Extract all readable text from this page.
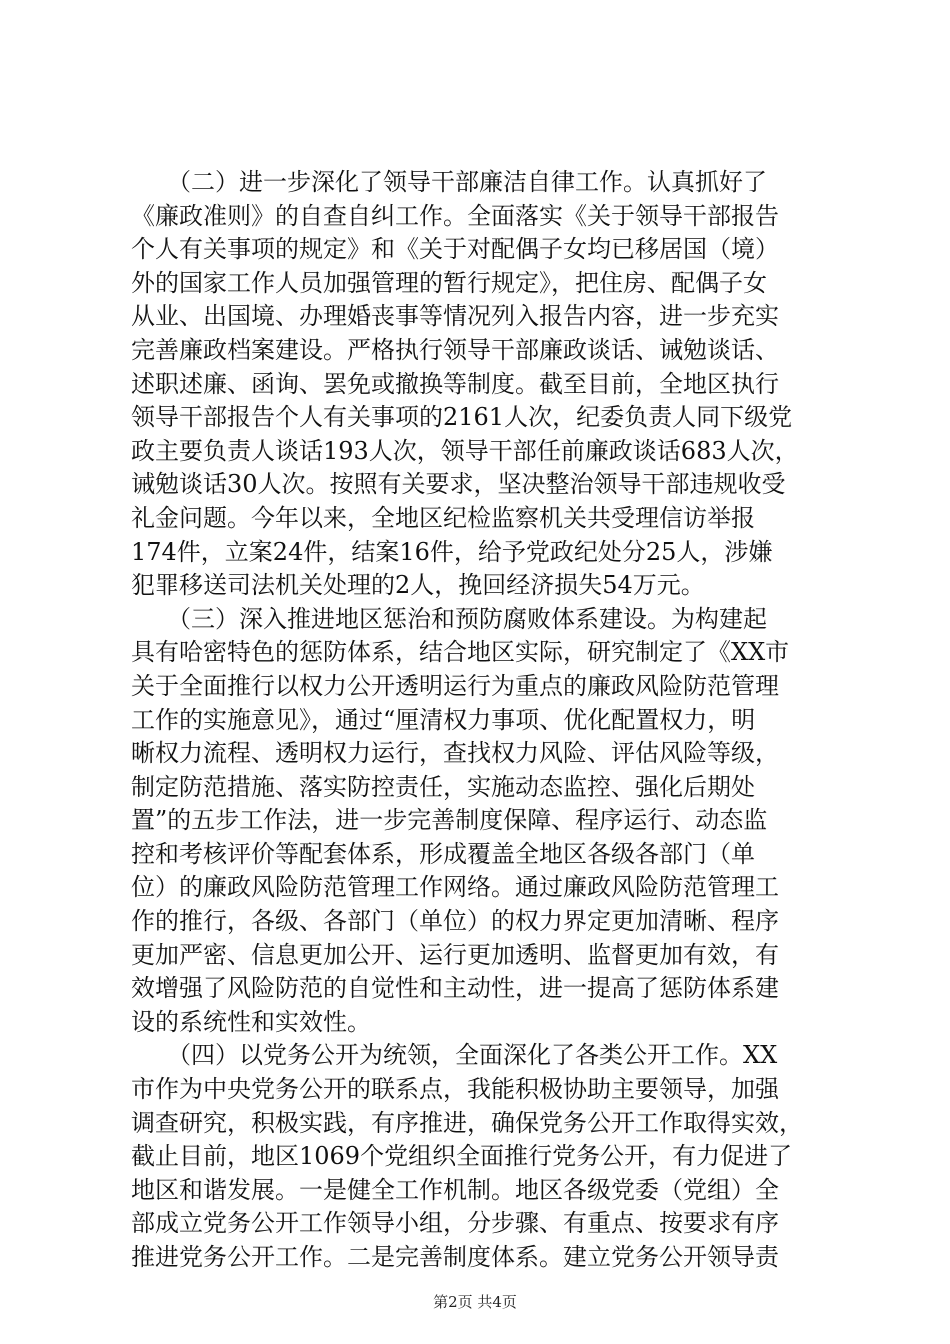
　　（二）进一步深化了领导干部廉洁自律工作。认真抓好了
《廉政准则》的自查自纠工作。全面落实《关于领导干部报告
个人有关事项的规定》和《关于对配偶子女均已移居国（境）
外的国家工作人员加强管理的暂行规定》，把住房、配偶子女
从业、出国境、办理婚丧事等情况列入报告内容，进一步充实
完善廉政档案建设。严格执行领导干部廉政谈话、诫勉谈话、
述职述廉、函询、罢免或撤换等制度。截至目前，全地区执行
领导干部报告个人有关事项的2161人次，纪委负责人同下级党
政主要负责人谈话193人次，领导干部任前廉政谈话683人次，
诫勉谈话30人次。按照有关要求，坚决整治领导干部违规收受
礼金问题。今年以来，全地区纪检监察机关共受理信访举报
174件，立案24件，结案16件，给予党政纪处分25人，涉嫌
犯罪移送司法机关处理的2人，挽回经济损失54万元。
　　（三）深入推进地区惩治和预防腐败体系建设。为构建起
具有哈密特色的惩防体系，结合地区实际，研究制定了《XX市
关于全面推行以权力公开透明运行为重点的廉政风险防范管理
工作的实施意见》，通过“厘清权力事项、优化配置权力，明
晰权力流程、透明权力运行，查找权力风险、评估风险等级，
制定防范措施、落实防控责任，实施动态监控、强化后期处
置”的五步工作法，进一步完善制度保障、程序运行、动态监
控和考核评价等配套体系，形成覆盖全地区各级各部门（单
位）的廉政风险防范管理工作网络。通过廉政风险防范管理工
作的推行，各级、各部门（单位）的权力界定更加清晰、程序
更加严密、信息更加公开、运行更加透明、监督更加有效，有
效增强了风险防范的自觉性和主动性，进一提高了惩防体系建
设的系统性和实效性。
　　（四）以党务公开为统领，全面深化了各类公开工作。XX
市作为中央党务公开的联系点，我能积极协助主要领导，加强
调查研究，积极实践，有序推进，确保党务公开工作取得实效，
截止目前，地区1069个党组织全面推行党务公开，有力促进了
地区和谐发展。一是健全工作机制。地区各级党委（党组）全
部成立党务公开工作领导小组，分步骤、有重点、按要求有序
推进党务公开工作。二是完善制度体系。建立党务公开领导责
第2页 共4页
